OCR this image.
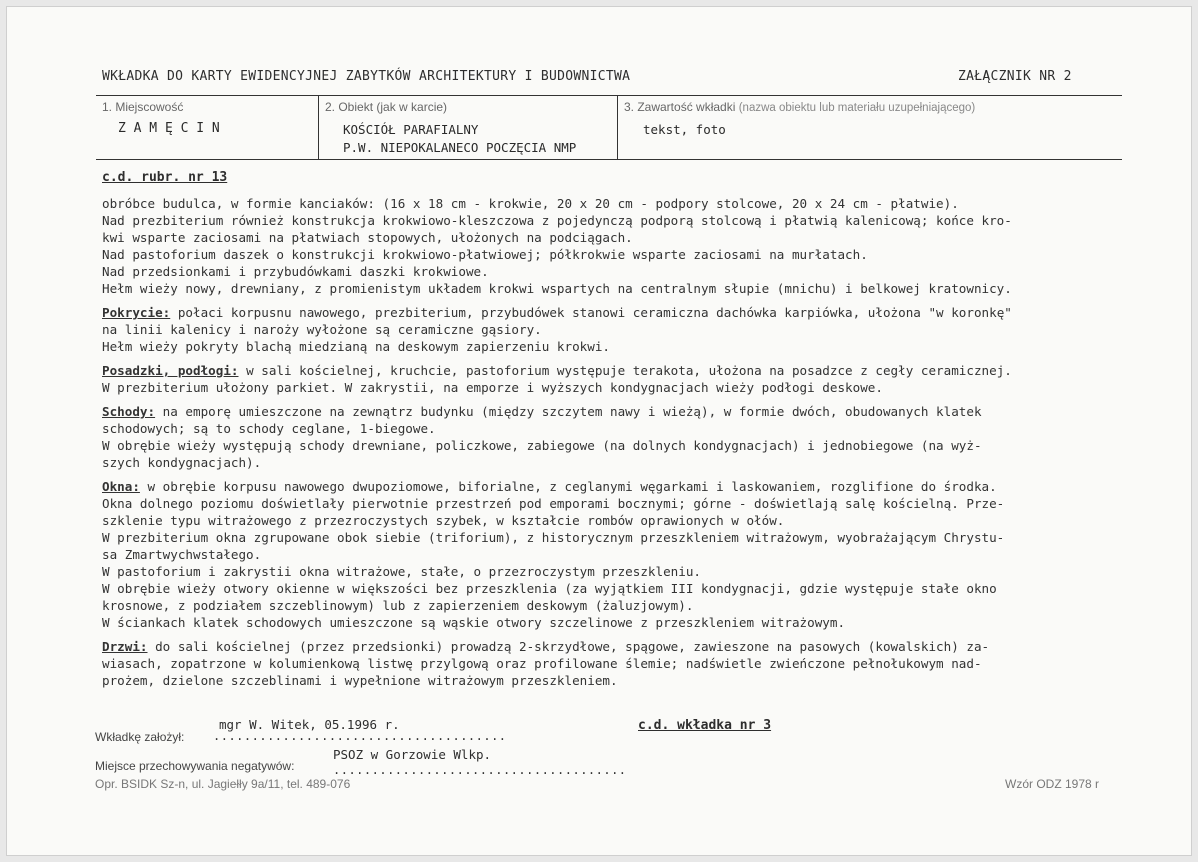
WKŁADKA DO KARTY EWIDENCYJNEJ ZABYTKÓW ARCHITEKTURY I BUDOWNICTWA	ZAŁĄCZNIK NR 2
1. Miejscowość
Z A M Ę C I N
2. Obiekt (jak w karcie)
KOŚCIÓŁ PARAFIALNY
P.W. NIEPOKALANECO POCZĘCIA NMP
3. Zawartość wkładki (nazwa obiektu lub materiału uzupełniającego)
tekst, foto
c.d. rubr. nr 13
obróbce budulca, w formie kanciaków: (16 x 18 cm - krokwie, 20 x 20 cm - podpory stolcowe, 20 x 24 cm - płatwie).
Nad prezbiterium również konstrukcja krokwiowo-kleszczowa z pojedynczą podporą stolcową i płatwią kalenicową; końce kro-
kwi wsparte zaciosami na płatwiach stopowych, ułożonych na podciągach.
Nad pastoforium daszek o konstrukcji krokwiowo-płatwiowej; półkrokwie wsparte zaciosami na murłatach.
Nad przedsionkami i przybudówkami daszki krokwiowe.
Hełm wieży nowy, drewniany, z promienistym układem krokwi wspartych na centralnym słupie (mnichu) i belkowej kratownicy.
Pokrycie: połaci korpusnu nawowego, prezbiterium, przybudówek stanowi ceramiczna dachówka karpiówka, ułożona "w koronkę"
na linii kalenicy i naroży wyłożone są ceramiczne gąsiory.
Hełm wieży pokryty blachą miedzianą na deskowym zapierzeniu krokwi.
Posadzki, podłogi: w sali kościelnej, kruchcie, pastoforium występuje terakota, ułożona na posadzce z cegły ceramicznej.
W prezbiterium ułożony parkiet. W zakrystii, na emporze i wyższych kondygnacjach wieży podłogi deskowe.
Schody: na emporę umieszczone na zewnątrz budynku (między szczytem nawy i wieżą), w formie dwóch, obudowanych klatek
schodowych; są to schody ceglane, 1-biegowe.
W obrębie wieży występują schody drewniane, policzkowe, zabiegowe (na dolnych kondygnacjach) i jednobiegowe (na wyż-
szych kondygnacjach).
Okna: w obrębie korpusu nawowego dwupoziomowe, biforialne, z ceglanymi węgarkami i laskowaniem, rozglifione do środka.
Okna dolnego poziomu doświetlały pierwotnie przestrzeń pod emporami bocznymi; górne - doświetlają salę kościelną. Prze-
szklenie typu witrażowego z przezroczystych szybek, w kształcie rombów oprawionych w ołów.
W prezbiterium okna zgrupowane obok siebie (triforium), z historycznym przeszkleniem witrażowym, wyobrażającym Chrystu-
sa Zmartwychwstałego.
W pastoforium i zakrystii okna witrażowe, stałe, o przezroczystym przeszkleniu.
W obrębie wieży otwory okienne w większości bez przeszklenia (za wyjątkiem III kondygnacji, gdzie występuje stałe okno
krosnowe, z podziałem szczeblinowym) lub z zapierzeniem deskowym (żaluzjowym).
W ściankach klatek schodowych umieszczone są wąskie otwory szczelinowe z przeszkleniem witrażowym.
Drzwi: do sali kościelnej (przez przedsionki) prowadzą 2-skrzydłowe, spągowe, zawieszone na pasowych (kowalskich) za-
wiasach, zopatrzone w kolumienkową listwę przylgową oraz profilowane ślemie; nadświetle zwieńczone pełnołukowym nad-
prożem, dzielone szczeblinami i wypełnione witrażowym przeszkleniem.
Wkładkę założył:
mgr W. Witek, 05.1996 r.
......................................
c.d. wkładka nr 3
Miejsce przechowywania negatywów:
PSOZ w Gorzowie Wlkp.
......................................
Opr. BSIDK Sz-n, ul. Jagiełły 9a/11, tel. 489-076	Wzór ODZ 1978 r
